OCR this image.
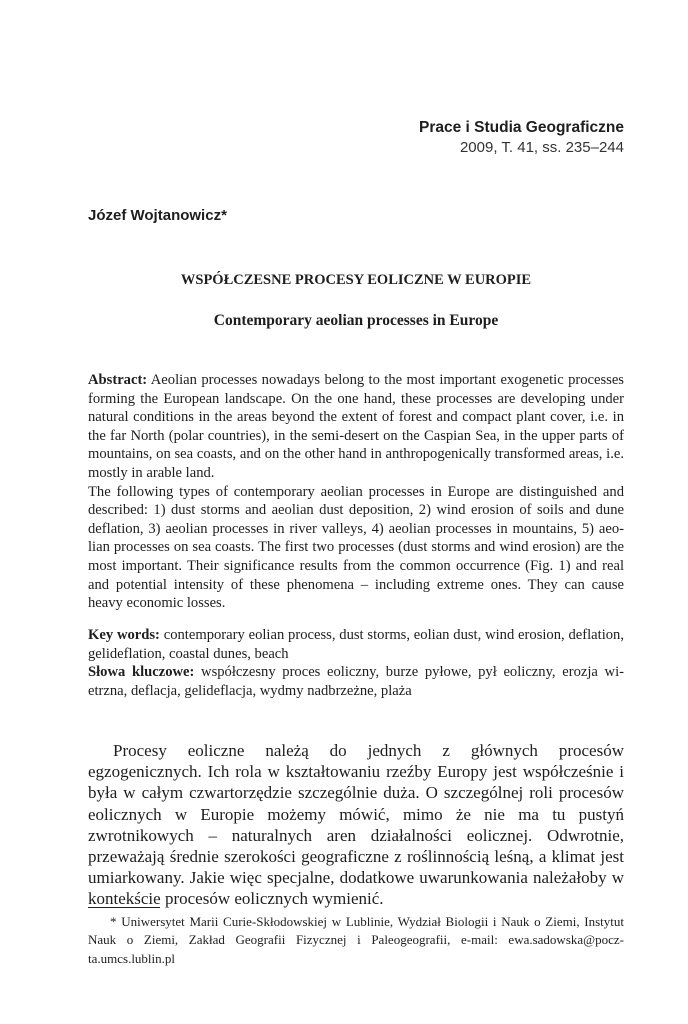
Prace i Studia Geograficzne
2009, T. 41, ss. 235–244
Józef Wojtanowicz*
WSPÓŁCZESNE PROCESY EOLICZNE W EUROPIE
Contemporary aeolian processes in Europe

Abstract: Aeolian processes nowadays belong to the most important exogenetic processes forming the European landscape. On the one hand, these processes are developing under natural conditions in the areas beyond the extent of forest and compact plant cover, i.e. in the far North (polar countries), in the semi-desert on the Caspian Sea, in the upper parts of mountains, on sea coasts, and on the other hand in anthropogenically transformed areas, i.e. mostly in arable land.

The following types of contemporary aeolian processes in Europe are distinguished and described: 1) dust storms and aeolian dust deposition, 2) wind erosion of soils and dune deflation, 3) aeolian processes in river valleys, 4) aeolian processes in mountains, 5) aeolian processes on sea coasts. The first two processes (dust storms and wind erosion) are the most important. Their significance results from the common occurrence (Fig. 1) and real and potential intensity of these phenomena – including extreme ones. They can cause heavy economic losses.

Key words: contemporary eolian process, dust storms, eolian dust, wind erosion, deflation, gelideflation, coastal dunes, beach

Słowa kluczowe: współczesny proces eoliczny, burze pyłowe, pył eoliczny, erozja wietrzna, deflacja, gelideflacja, wydmy nadbrzeżne, plaża

Procesy eoliczne należą do jednych z głównych procesów egzogenicznych. Ich rola w kształtowaniu rzeźby Europy jest współcześnie i była w całym czwartorzędzie szczególnie duża. O szczególnej roli procesów eolicznych w Europie możemy mówić, mimo że nie ma tu pustyń zwrotnikowych – naturalnych aren działalności eolicznej. Odwrotnie, przeważają średnie szerokości geograficzne z roślinnością leśną, a klimat jest umiarkowany. Jakie więc specjalne, dodatkowe uwarunkowania należałoby w kontekście procesów eolicznych wymienić.

* Uniwersytet Marii Curie-Skłodowskiej w Lublinie, Wydział Biologii i Nauk o Ziemi, Instytut Nauk o Ziemi, Zakład Geografii Fizycznej i Paleogeografii, e-mail: ewa.sadowska@poczta.umcs.lublin.pl
